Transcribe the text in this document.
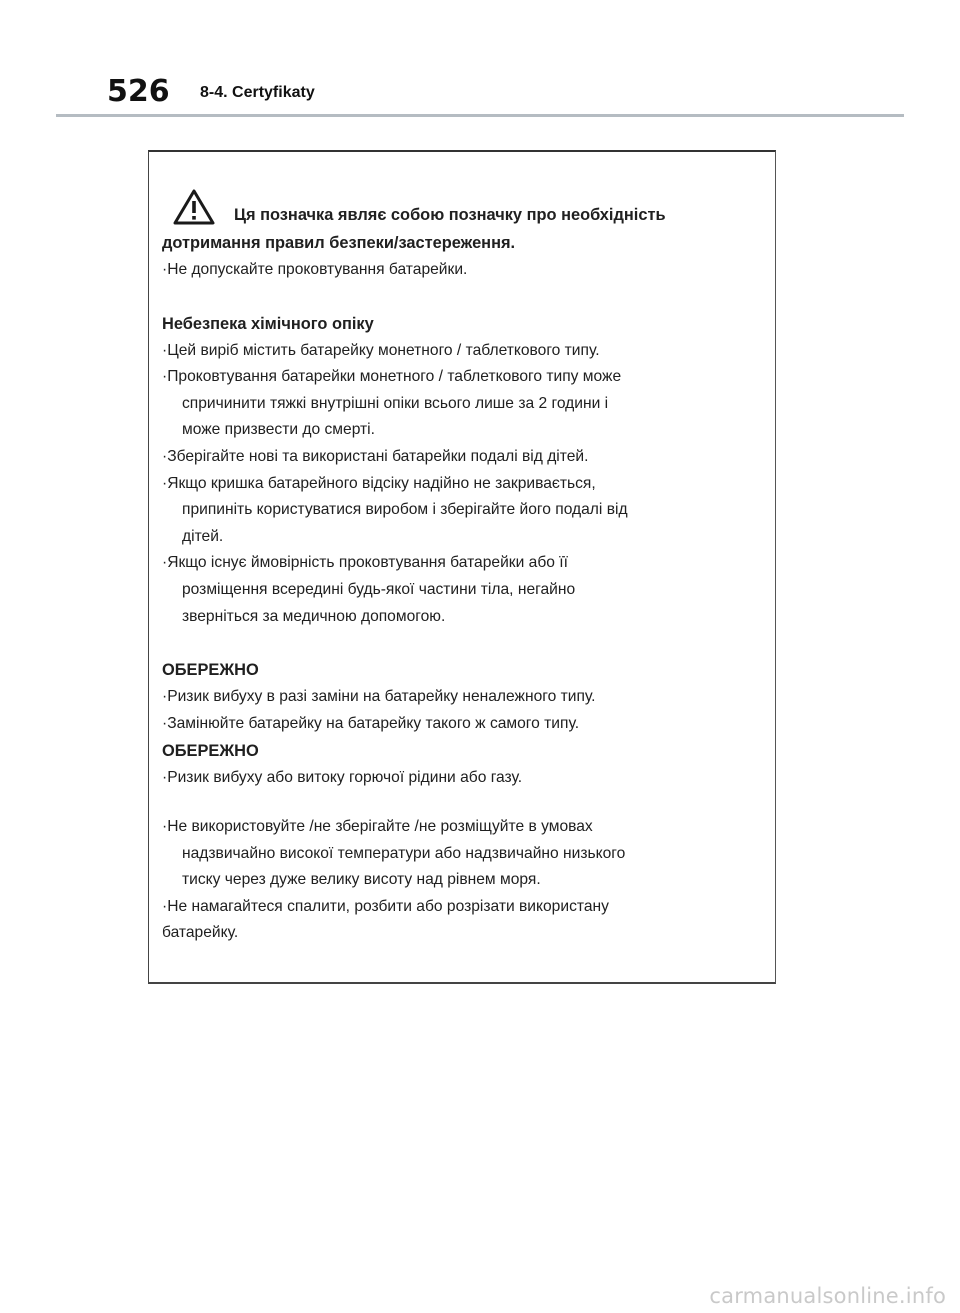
526 8-4. Certyfikaty
Ця позначка являє собою позначку про необхідність
дотримання правил безпеки/застереження.
·Не допускайте проковтування батарейки.
Небезпека хімічного опіку
·Цей виріб містить батарейку монетного / таблеткового типу.
·Проковтування батарейки монетного / таблеткового типу може
спричинити тяжкі внутрішні опіки всього лише за 2 години і
може призвести до смерті.
·Зберігайте нові та використані батарейки подалі від дітей.
·Якщо кришка батарейного відсіку надійно не закривається,
припиніть користуватися виробом і зберігайте його подалі від
дітей.
·Якщо існує ймовірність проковтування батарейки або її
розміщення всередині будь-якої частини тіла, негайно
зверніться за медичною допомогою.
ОБЕРЕЖНО
·Ризик вибуху в разі заміни на батарейку неналежного типу.
·Замінюйте батарейку на батарейку такого ж самого типу.
ОБЕРЕЖНО
·Ризик вибуху або витоку горючої рідини або газу.
·Не використовуйте /не зберігайте /не розміщуйте в умовах
надзвичайно високої температури або надзвичайно низького
тиску через дуже велику висоту над рівнем моря.
·Не намагайтеся спалити, розбити або розрізати використану
батарейку.
carmanualsonline.info
